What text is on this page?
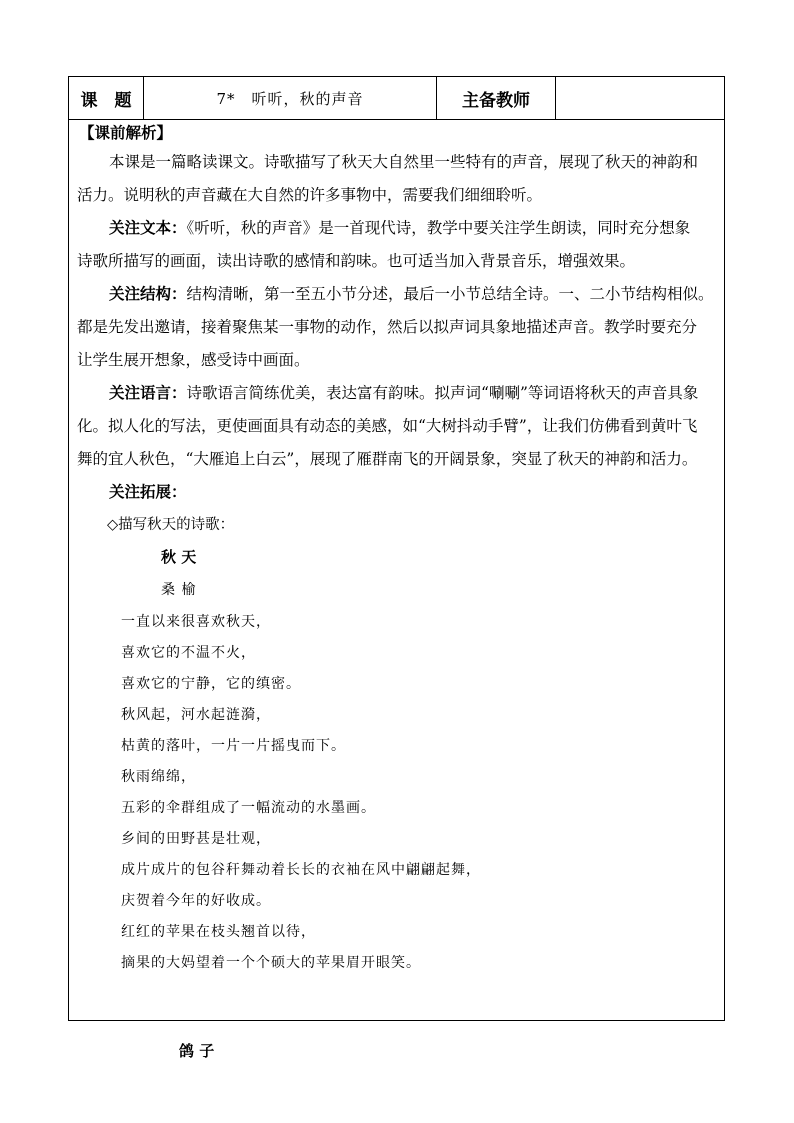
课　题	7*　听听，秋的声音	主备教师
【课前解析】
本课是一篇略读课文。诗歌描写了秋天大自然里一些特有的声音，展现了秋天的神韵和
活力。说明秋的声音藏在大自然的许多事物中，需要我们细细聆听。
关注文本：《听听，秋的声音》是一首现代诗，教学中要关注学生朗读，同时充分想象
诗歌所描写的画面，读出诗歌的感情和韵味。也可适当加入背景音乐，增强效果。
关注结构：结构清晰，第一至五小节分述，最后一小节总结全诗。一、二小节结构相似。
都是先发出邀请，接着聚焦某一事物的动作，然后以拟声词具象地描述声音。教学时要充分
让学生展开想象，感受诗中画面。
关注语言：诗歌语言简练优美，表达富有韵味。拟声词“唰唰”等词语将秋天的声音具象
化。拟人化的写法，更使画面具有动态的美感，如“大树抖动手臂”，让我们仿佛看到黄叶飞
舞的宜人秋色，“大雁追上白云”，展现了雁群南飞的开阔景象，突显了秋天的神韵和活力。
关注拓展：
◇描写秋天的诗歌：
秋 天
桑 榆
一直以来很喜欢秋天，
喜欢它的不温不火，
喜欢它的宁静，它的缜密。
秋风起，河水起涟漪，
枯黄的落叶，一片一片摇曳而下。
秋雨绵绵，
五彩的伞群组成了一幅流动的水墨画。
乡间的田野甚是壮观，
成片成片的包谷秆舞动着长长的衣袖在风中翩翩起舞，
庆贺着今年的好收成。
红红的苹果在枝头翘首以待，
摘果的大妈望着一个个硕大的苹果眉开眼笑。
鸽 子
